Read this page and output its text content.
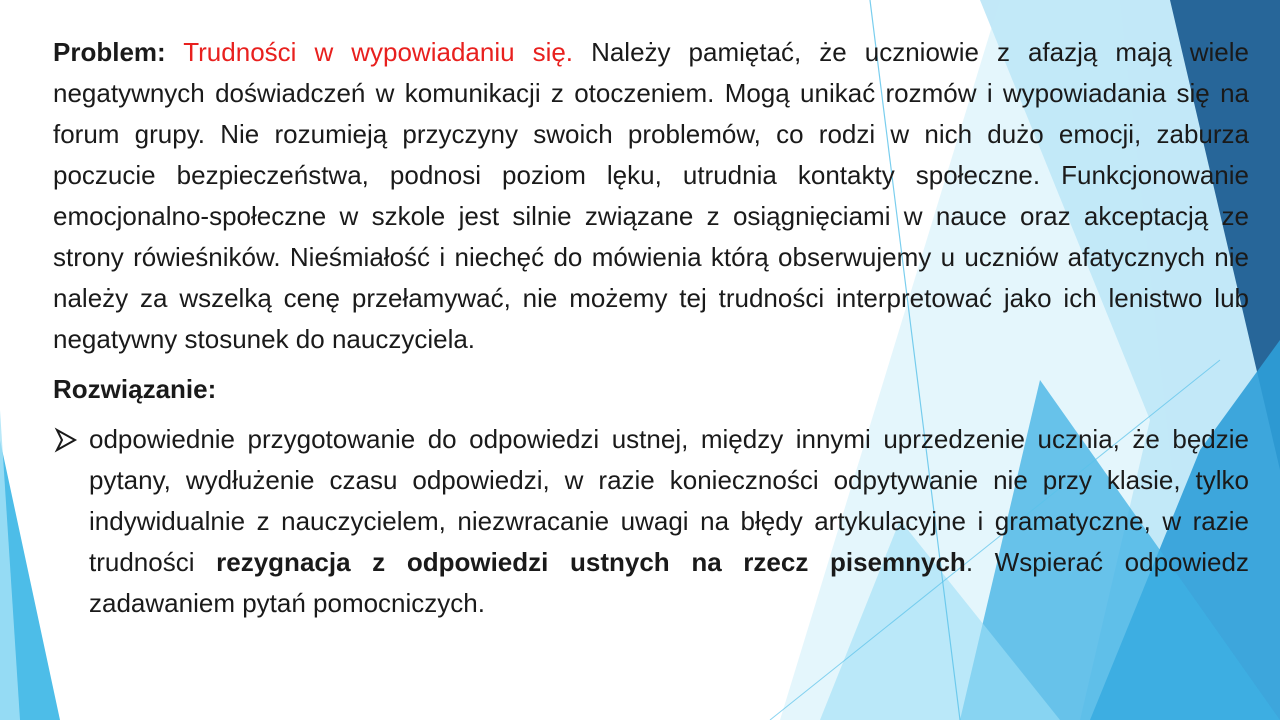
Problem: Trudności w wypowiadaniu się. Należy pamiętać, że uczniowie z afazją mają wiele negatywnych doświadczeń w komunikacji z otoczeniem. Mogą unikać rozmów i wypowiadania się na forum grupy. Nie rozumieją przyczyny swoich problemów, co rodzi w nich dużo emocji, zaburza poczucie bezpieczeństwa, podnosi poziom lęku, utrudnia kontakty społeczne. Funkcjonowanie emocjonalno-społeczne w szkole jest silnie związane z osiągnięciami w nauce oraz akceptacją ze strony rówieśników. Nieśmiałość i niechęć do mówienia którą obserwujemy u uczniów afatycznych nie należy za wszelką cenę przełamywać, nie możemy tej trudności interpretować jako ich lenistwo lub negatywny stosunek do nauczyciela.

Rozwiązanie:

odpowiednie przygotowanie do odpowiedzi ustnej, między innymi uprzedzenie ucznia, że będzie pytany, wydłużenie czasu odpowiedzi, w razie konieczności odpytywanie nie przy klasie, tylko indywidualnie z nauczycielem, niezwracanie uwagi na błędy artykulacyjne i gramatyczne, w razie trudności rezygnacja z odpowiedzi ustnych na rzecz pisemnych. Wspierać odpowiedz zadawaniem pytań pomocniczych.
